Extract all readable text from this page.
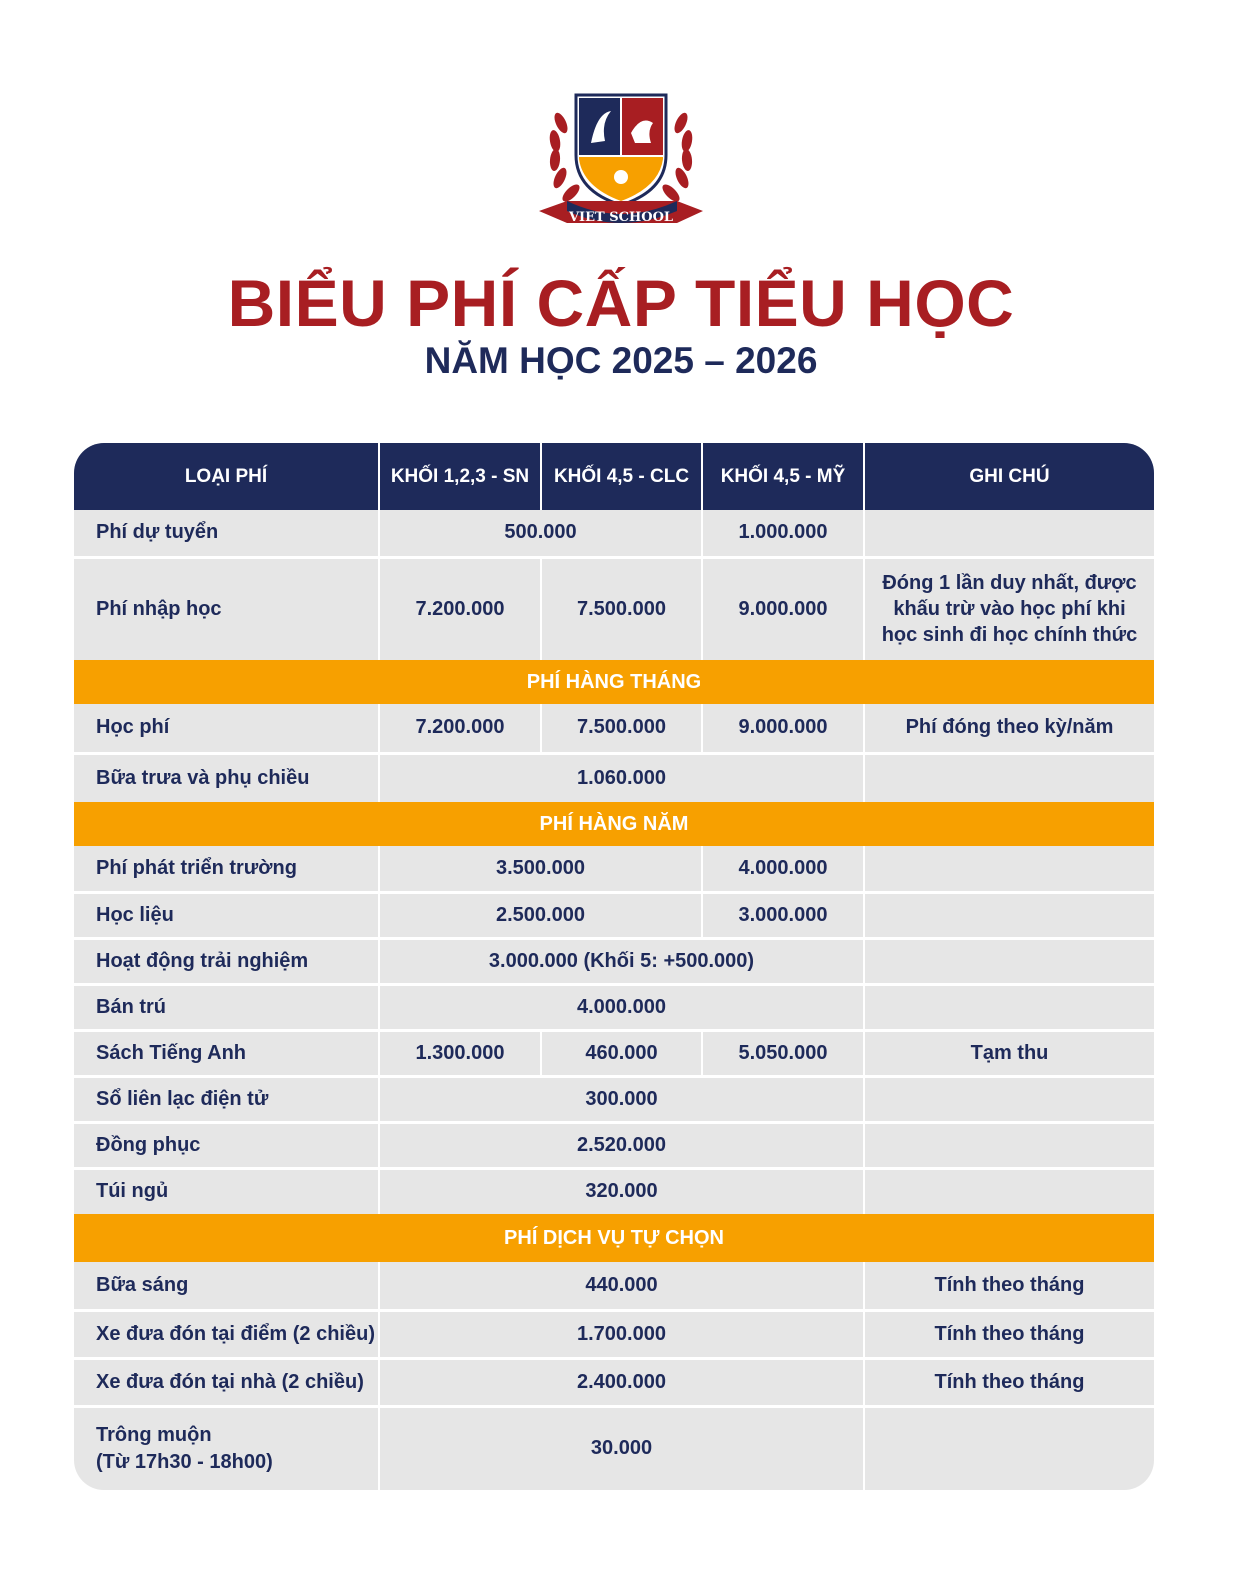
VIET SCHOOL
BIỂU PHÍ CẤP TIỂU HỌC
NĂM HỌC 2025 – 2026
LOẠI PHÍ	KHỐI 1,2,3 - SN	KHỐI 4,5 - CLC	KHỐI 4,5 - MỸ	GHI CHÚ
Phí dự tuyển	500.000		1.000.000	
Phí nhập học	7.200.000	7.500.000	9.000.000	Đóng 1 lần duy nhất, được khấu trừ vào học phí khi học sinh đi học chính thức
PHÍ HÀNG THÁNG				
Học phí	7.200.000	7.500.000	9.000.000	Phí đóng theo kỳ/năm
Bữa trưa và phụ chiều	1.060.000			
PHÍ HÀNG NĂM				
Phí phát triển trường	3.500.000		4.000.000	
Học liệu	2.500.000		3.000.000	
Hoạt động trải nghiệm	3.000.000 (Khối 5: +500.000)			
Bán trú	4.000.000			
Sách Tiếng Anh	1.300.000	460.000	5.050.000	Tạm thu
Sổ liên lạc điện tử	300.000			
Đồng phục	2.520.000			
Túi ngủ	320.000			
PHÍ DỊCH VỤ TỰ CHỌN				
Bữa sáng	440.000			Tính theo tháng
Xe đưa đón tại điểm (2 chiều)	1.700.000			Tính theo tháng
Xe đưa đón tại nhà (2 chiều)	2.400.000			Tính theo tháng

Trông muộn
(Từ 17h30 - 18h00)	30.000			
